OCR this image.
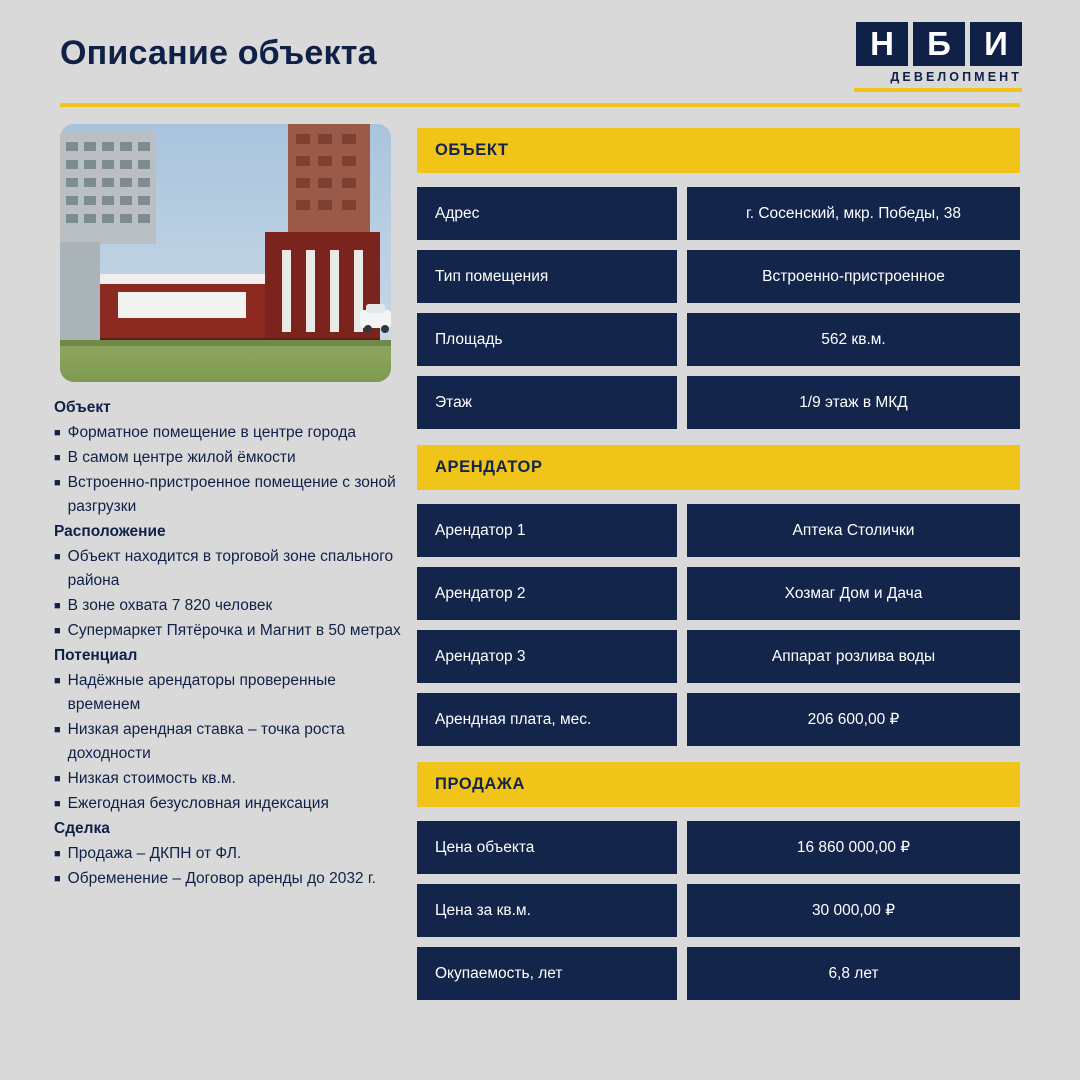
Описание объекта	Н	Б	И
ДЕВЕЛОПМЕНТ
Объект
■ Форматное помещение в центре города
■ В самом центре жилой ёмкости
■ Встроенно-пристроенное помещение с зоной разгрузки
Расположение
■ Объект находится в торговой зоне спального района
■ В зоне охвата 7 820 человек
■ Супермаркет Пятёрочка и Магнит в 50 метрах
Потенциал
■ Надёжные арендаторы проверенные временем
■ Низкая арендная ставка – точка роста доходности
■ Низкая стоимость кв.м.
■ Ежегодная безусловная индексация
Сделка
■ Продажа – ДКПН от ФЛ.
■ Обременение – Договор аренды до 2032 г.
ОБЪЕКТ
Адрес	г. Сосенский, мкр. Победы, 38
Тип помещения	Встроенно-пристроенное
Площадь	562 кв.м.
Этаж	1/9 этаж в МКД
АРЕНДАТОР
Арендатор 1	Аптека Столички
Арендатор 2	Хозмаг Дом и Дача
Арендатор 3	Аппарат розлива воды
Арендная плата, мес.	206 600,00 ₽
ПРОДАЖА
Цена объекта	16 860 000,00 ₽
Цена за кв.м.	30 000,00 ₽
Окупаемость, лет	6,8 лет
